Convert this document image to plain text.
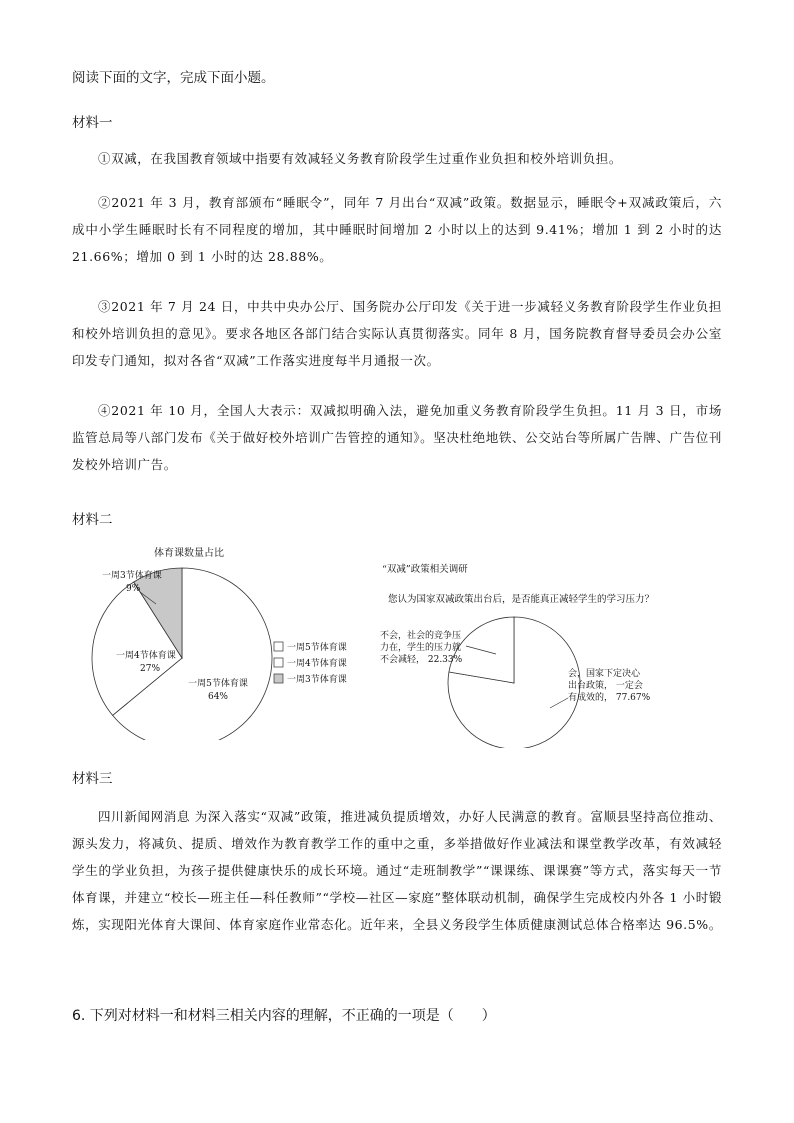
阅读下面的文字，完成下面小题。

材料一

①双减，在我国教育领域中指要有效减轻义务教育阶段学生过重作业负担和校外培训负担。

②2021 年 3 月，教育部颁布“睡眠令”，同年 7 月出台“双减”政策。数据显示，睡眠令+双减政策后，六成中小学生睡眠时长有不同程度的增加，其中睡眠时间增加 2 小时以上的达到 9.41%；增加 1 到 2 小时的达 21.66%；增加 0 到 1 小时的达 28.88%。

③2021 年 7 月 24 日，中共中央办公厅、国务院办公厅印发《关于进一步减轻义务教育阶段学生作业负担和校外培训负担的意见》。要求各地区各部门结合实际认真贯彻落实。同年 8 月，国务院教育督导委员会办公室印发专门通知，拟对各省“双减”工作落实进度每半月通报一次。

④2021 年 10 月，全国人大表示：双减拟明确入法，避免加重义务教育阶段学生负担。11 月 3 日，市场监管总局等八部门发布《关于做好校外培训广告管控的通知》。坚决杜绝地铁、公交站台等所属广告牌、广告位刊发校外培训广告。

材料二

体育课数量占比
一周5节体育课
64%
一周4节体育课
27%
一周3节体育课
9%
一周5节体育课
一周4节体育课
一周3节体育课
“双减”政策相关调研
您认为国家双减政策出台后，是否能真正减轻学生的学习压力？
不会，社会的竞争压
力在，学生的压力就
不会减轻， 22.33%
会，国家下定决心
出台政策， 一定会
有成效的， 77.67%

材料三

四川新闻网消息 为深入落实“双减”政策，推进减负提质增效，办好人民满意的教育。富顺县坚持高位推动、源头发力，将减负、提质、增效作为教育教学工作的重中之重，多举措做好作业减法和课堂教学改革，有效减轻学生的学业负担，为孩子提供健康快乐的成长环境。通过“走班制教学”“课课练、课课赛”等方式，落实每天一节体育课，并建立“校长—班主任—科任教师”“学校—社区—家庭”整体联动机制，确保学生完成校内外各 1 小时锻炼，实现阳光体育大课间、体育家庭作业常态化。近年来，全县义务段学生体质健康测试总体合格率达 96.5%。

6. 下列对材料一和材料三相关内容的理解，不正确的一项是（　　）
